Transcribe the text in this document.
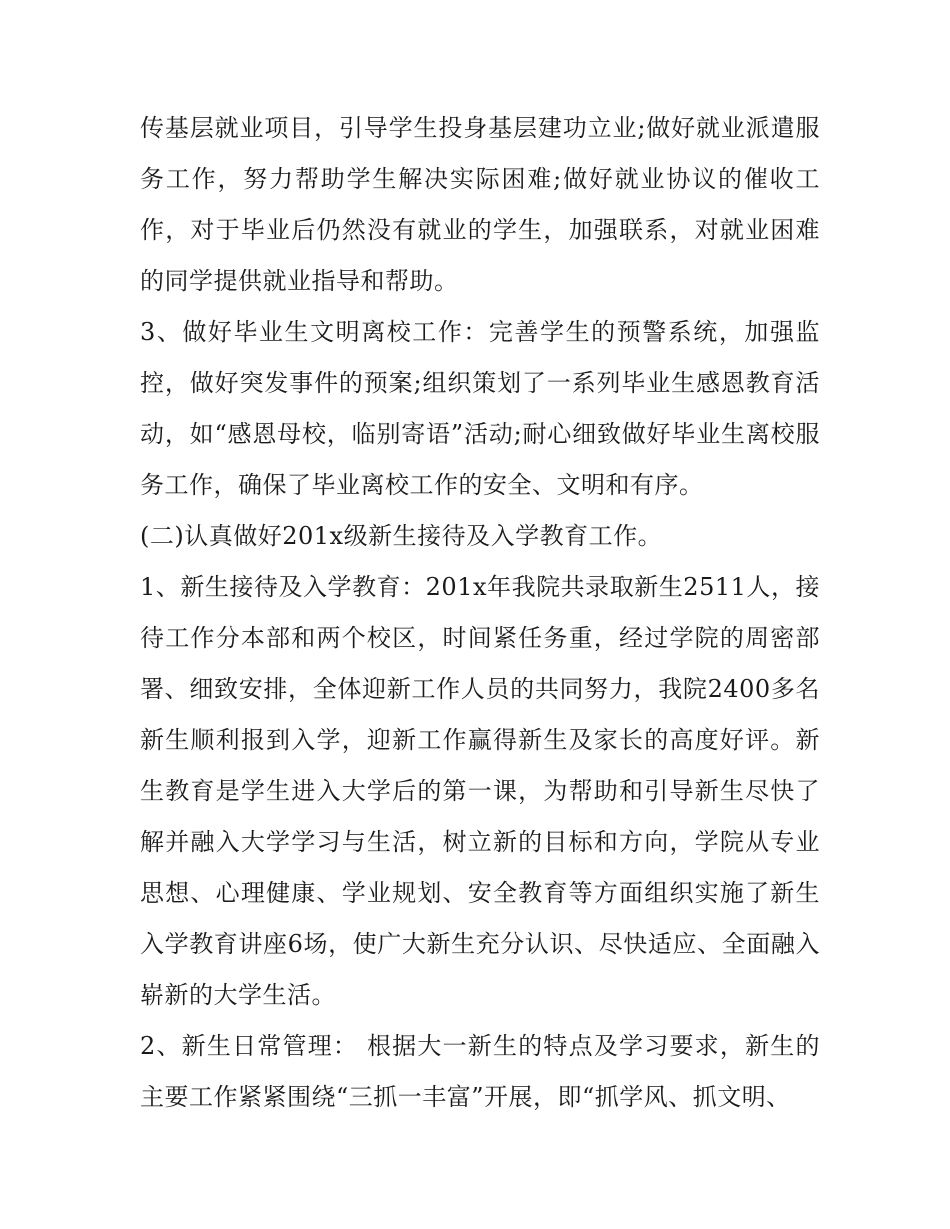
传基层就业项目，引导学生投身基层建功立业;做好就业派遣服务工作，努力帮助学生解决实际困难;做好就业协议的催收工作，对于毕业后仍然没有就业的学生，加强联系，对就业困难的同学提供就业指导和帮助。

3、做好毕业生文明离校工作：完善学生的预警系统，加强监控，做好突发事件的预案;组织策划了一系列毕业生感恩教育活动，如“感恩母校，临别寄语”活动;耐心细致做好毕业生离校服务工作，确保了毕业离校工作的安全、文明和有序。

(二)认真做好201x级新生接待及入学教育工作。

1、新生接待及入学教育：201x年我院共录取新生2511人，接待工作分本部和两个校区，时间紧任务重，经过学院的周密部署、细致安排，全体迎新工作人员的共同努力，我院2400多名新生顺利报到入学，迎新工作赢得新生及家长的高度好评。新生教育是学生进入大学后的第一课，为帮助和引导新生尽快了解并融入大学学习与生活，树立新的目标和方向，学院从专业思想、心理健康、学业规划、安全教育等方面组织实施了新生入学教育讲座6场，使广大新生充分认识、尽快适应、全面融入崭新的大学生活。

2、新生日常管理： 根据大一新生的特点及学习要求，新生的主要工作紧紧围绕“三抓一丰富”开展，即“抓学风、抓文明、
